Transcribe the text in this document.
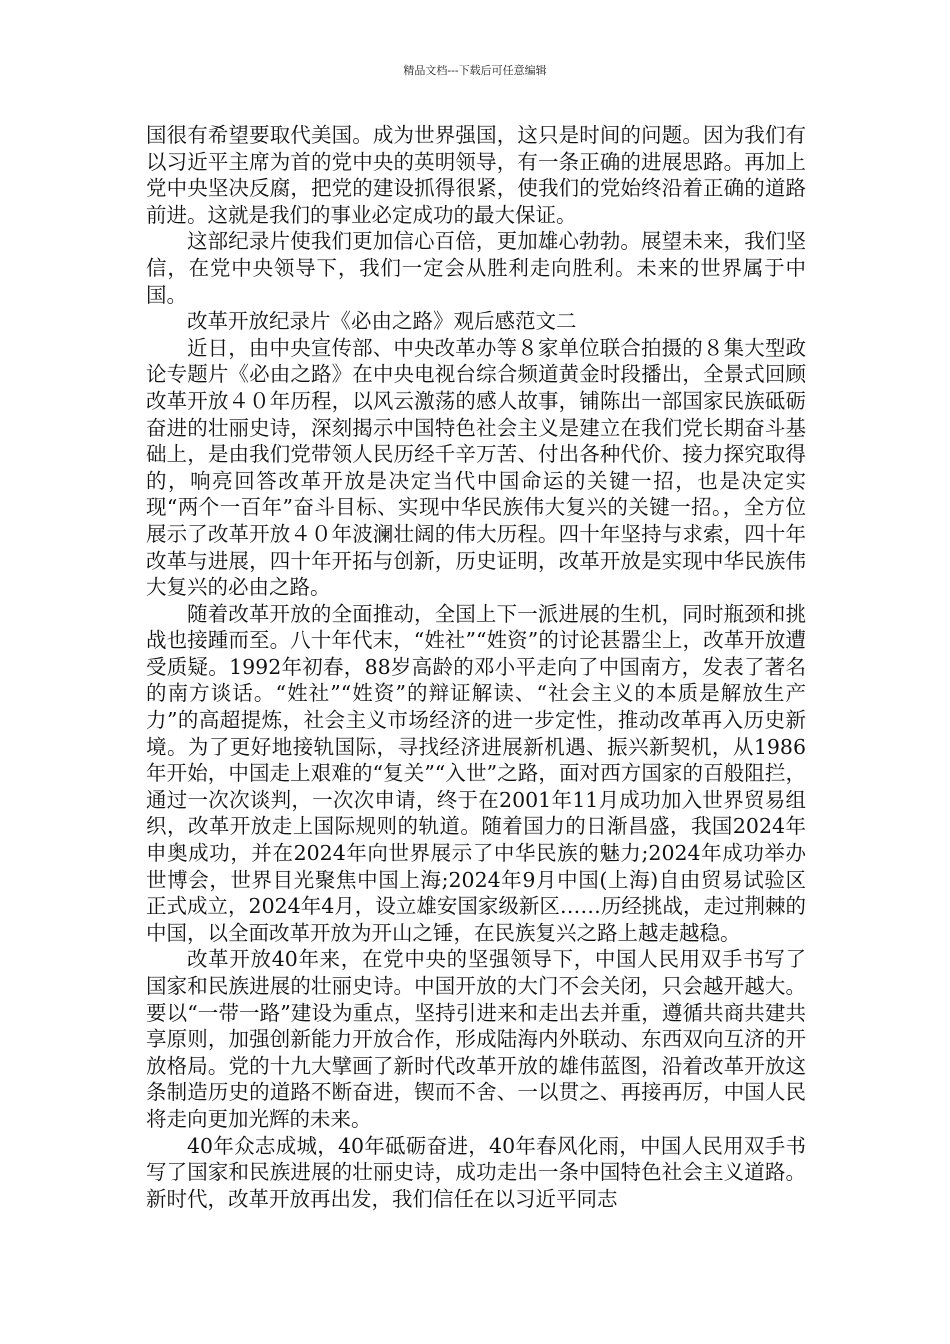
精品文档---下载后可任意编辑

国很有希望要取代美国。成为世界强国，这只是时间的问题。因为我们有以习近平主席为首的党中央的英明领导，有一条正确的进展思路。再加上党中央坚决反腐，把党的建设抓得很紧，使我们的党始终沿着正确的道路前进。这就是我们的事业必定成功的最大保证。

这部纪录片使我们更加信心百倍，更加雄心勃勃。展望未来，我们坚信，在党中央领导下，我们一定会从胜利走向胜利。未来的世界属于中国。

改革开放纪录片《必由之路》观后感范文二

近日，由中央宣传部、中央改革办等８家单位联合拍摄的８集大型政论专题片《必由之路》在中央电视台综合频道黄金时段播出，全景式回顾改革开放４０年历程，以风云激荡的感人故事，铺陈出一部国家民族砥砺奋进的壮丽史诗，深刻揭示中国特色社会主义是建立在我们党长期奋斗基础上，是由我们党带领人民历经千辛万苦、付出各种代价、接力探究取得的，响亮回答改革开放是决定当代中国命运的关键一招，也是决定实现“两个一百年”奋斗目标、实现中华民族伟大复兴的关键一招。，全方位展示了改革开放４０年波澜壮阔的伟大历程。四十年坚持与求索，四十年改革与进展，四十年开拓与创新，历史证明，改革开放是实现中华民族伟大复兴的必由之路。

随着改革开放的全面推动，全国上下一派进展的生机，同时瓶颈和挑战也接踵而至。八十年代末，“姓社”“姓资”的讨论甚嚣尘上，改革开放遭受质疑。1992年初春，88岁高龄的邓小平走向了中国南方，发表了著名的南方谈话。“姓社”“姓资”的辩证解读、“社会主义的本质是解放生产力”的高超提炼，社会主义市场经济的进一步定性，推动改革再入历史新境。为了更好地接轨国际，寻找经济进展新机遇、振兴新契机，从1986年开始，中国走上艰难的“复关”“入世”之路，面对西方国家的百般阻拦，通过一次次谈判，一次次申请，终于在2001年11月成功加入世界贸易组织，改革开放走上国际规则的轨道。随着国力的日渐昌盛，我国2024年申奥成功，并在2024年向世界展示了中华民族的魅力;2024年成功举办世博会，世界目光聚焦中国上海;2024年9月中国(上海)自由贸易试验区正式成立，2024年4月，设立雄安国家级新区……历经挑战，走过荆棘的中国，以全面改革开放为开山之锤，在民族复兴之路上越走越稳。

改革开放40年来，在党中央的坚强领导下，中国人民用双手书写了国家和民族进展的壮丽史诗。中国开放的大门不会关闭，只会越开越大。要以“一带一路”建设为重点，坚持引进来和走出去并重，遵循共商共建共享原则，加强创新能力开放合作，形成陆海内外联动、东西双向互济的开放格局。党的十九大擘画了新时代改革开放的雄伟蓝图，沿着改革开放这条制造历史的道路不断奋进，锲而不舍、一以贯之、再接再厉，中国人民将走向更加光辉的未来。

40年众志成城，40年砥砺奋进，40年春风化雨，中国人民用双手书写了国家和民族进展的壮丽史诗，成功走出一条中国特色社会主义道路。新时代，改革开放再出发，我们信任在以习近平同志
